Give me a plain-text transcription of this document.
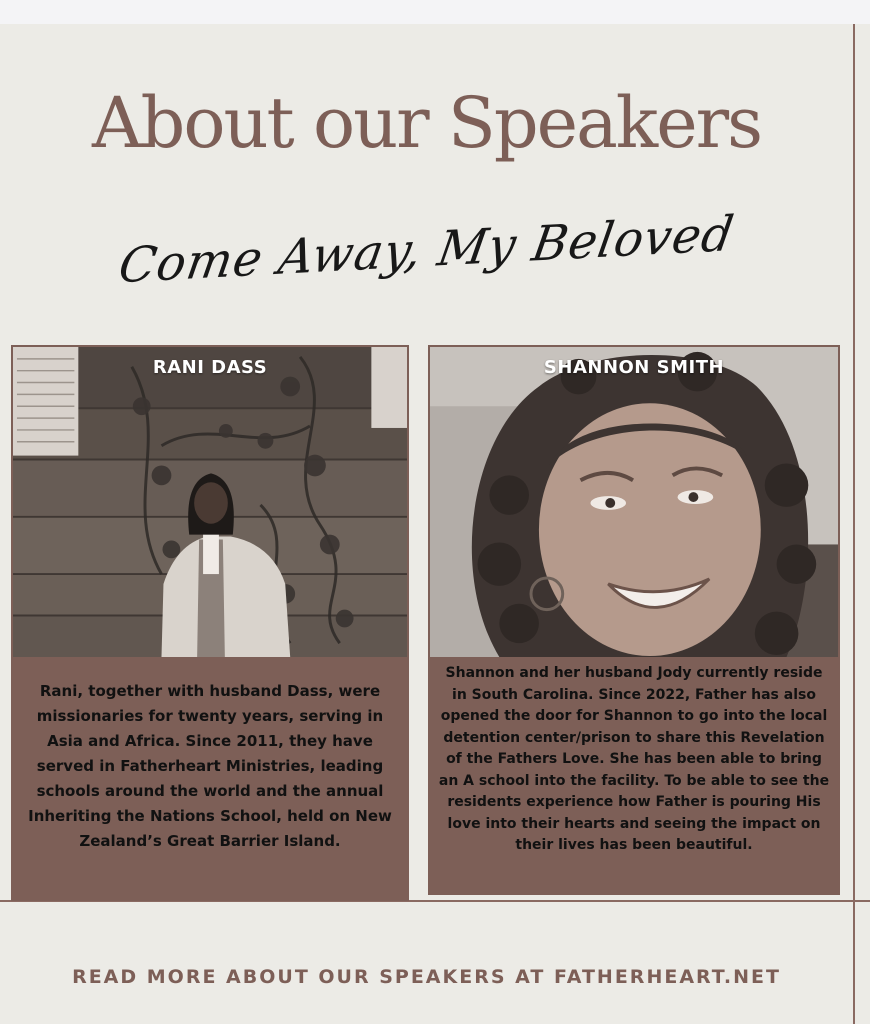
About our Speakers
Come Away, My Beloved
RANI DASS
Rani, together with husband Dass, were missionaries for twenty years, serving in Asia and Africa. Since 2011, they have served in Fatherheart Ministries, leading schools around the world and the annual Inheriting the Nations School, held on New Zealand’s Great Barrier Island.
SHANNON SMITH
Shannon and her husband Jody currently reside in South Carolina. Since 2022, Father has also opened the door for Shannon to go into the local detention center/prison to share this Revelation of the Fathers Love. She has been able to bring an A school into the facility. To be able to see the residents experience how Father is pouring His love into their hearts and seeing the impact on their lives has been beautiful.
READ MORE ABOUT OUR SPEAKERS AT FATHERHEART.NET
